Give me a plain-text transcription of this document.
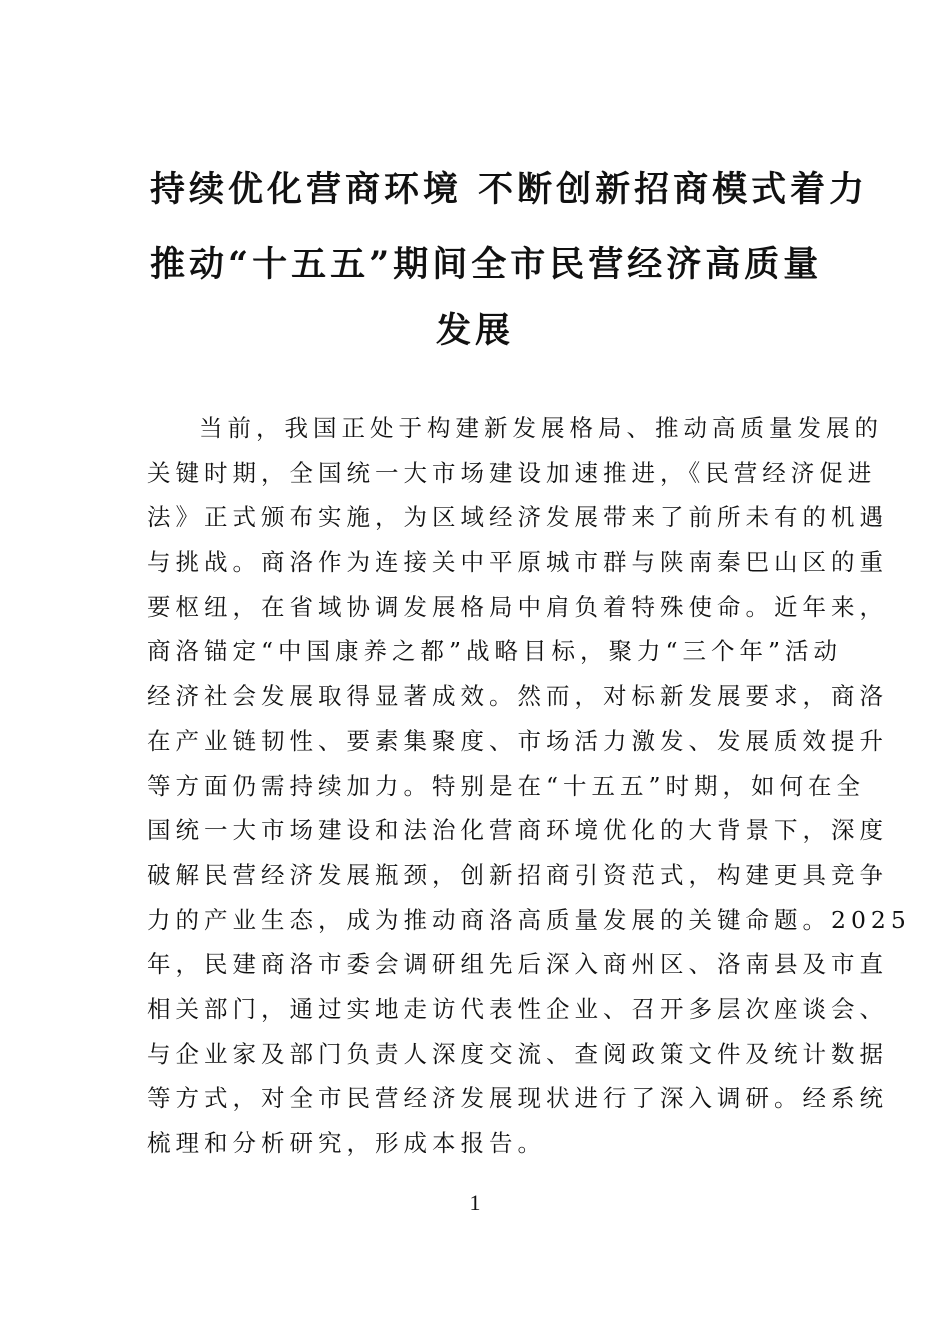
持续优化营商环境 不断创新招商模式着力
推动“十五五”期间全市民营经济高质量
发展
当前，我国正处于构建新发展格局、推动高质量发展的
关键时期，全国统一大市场建设加速推进，《民营经济促进
法》正式颁布实施，为区域经济发展带来了前所未有的机遇
与挑战。商洛作为连接关中平原城市群与陕南秦巴山区的重
要枢纽，在省域协调发展格局中肩负着特殊使命。近年来，
商洛锚定“中国康养之都”战略目标，聚力“三个年”活动
经济社会发展取得显著成效。然而，对标新发展要求，商洛
在产业链韧性、要素集聚度、市场活力激发、发展质效提升
等方面仍需持续加力。特别是在“十五五”时期，如何在全
国统一大市场建设和法治化营商环境优化的大背景下，深度
破解民营经济发展瓶颈，创新招商引资范式，构建更具竞争
力的产业生态，成为推动商洛高质量发展的关键命题。2025
年，民建商洛市委会调研组先后深入商州区、洛南县及市直
相关部门，通过实地走访代表性企业、召开多层次座谈会、
与企业家及部门负责人深度交流、查阅政策文件及统计数据
等方式，对全市民营经济发展现状进行了深入调研。经系统
梳理和分析研究，形成本报告。
1
